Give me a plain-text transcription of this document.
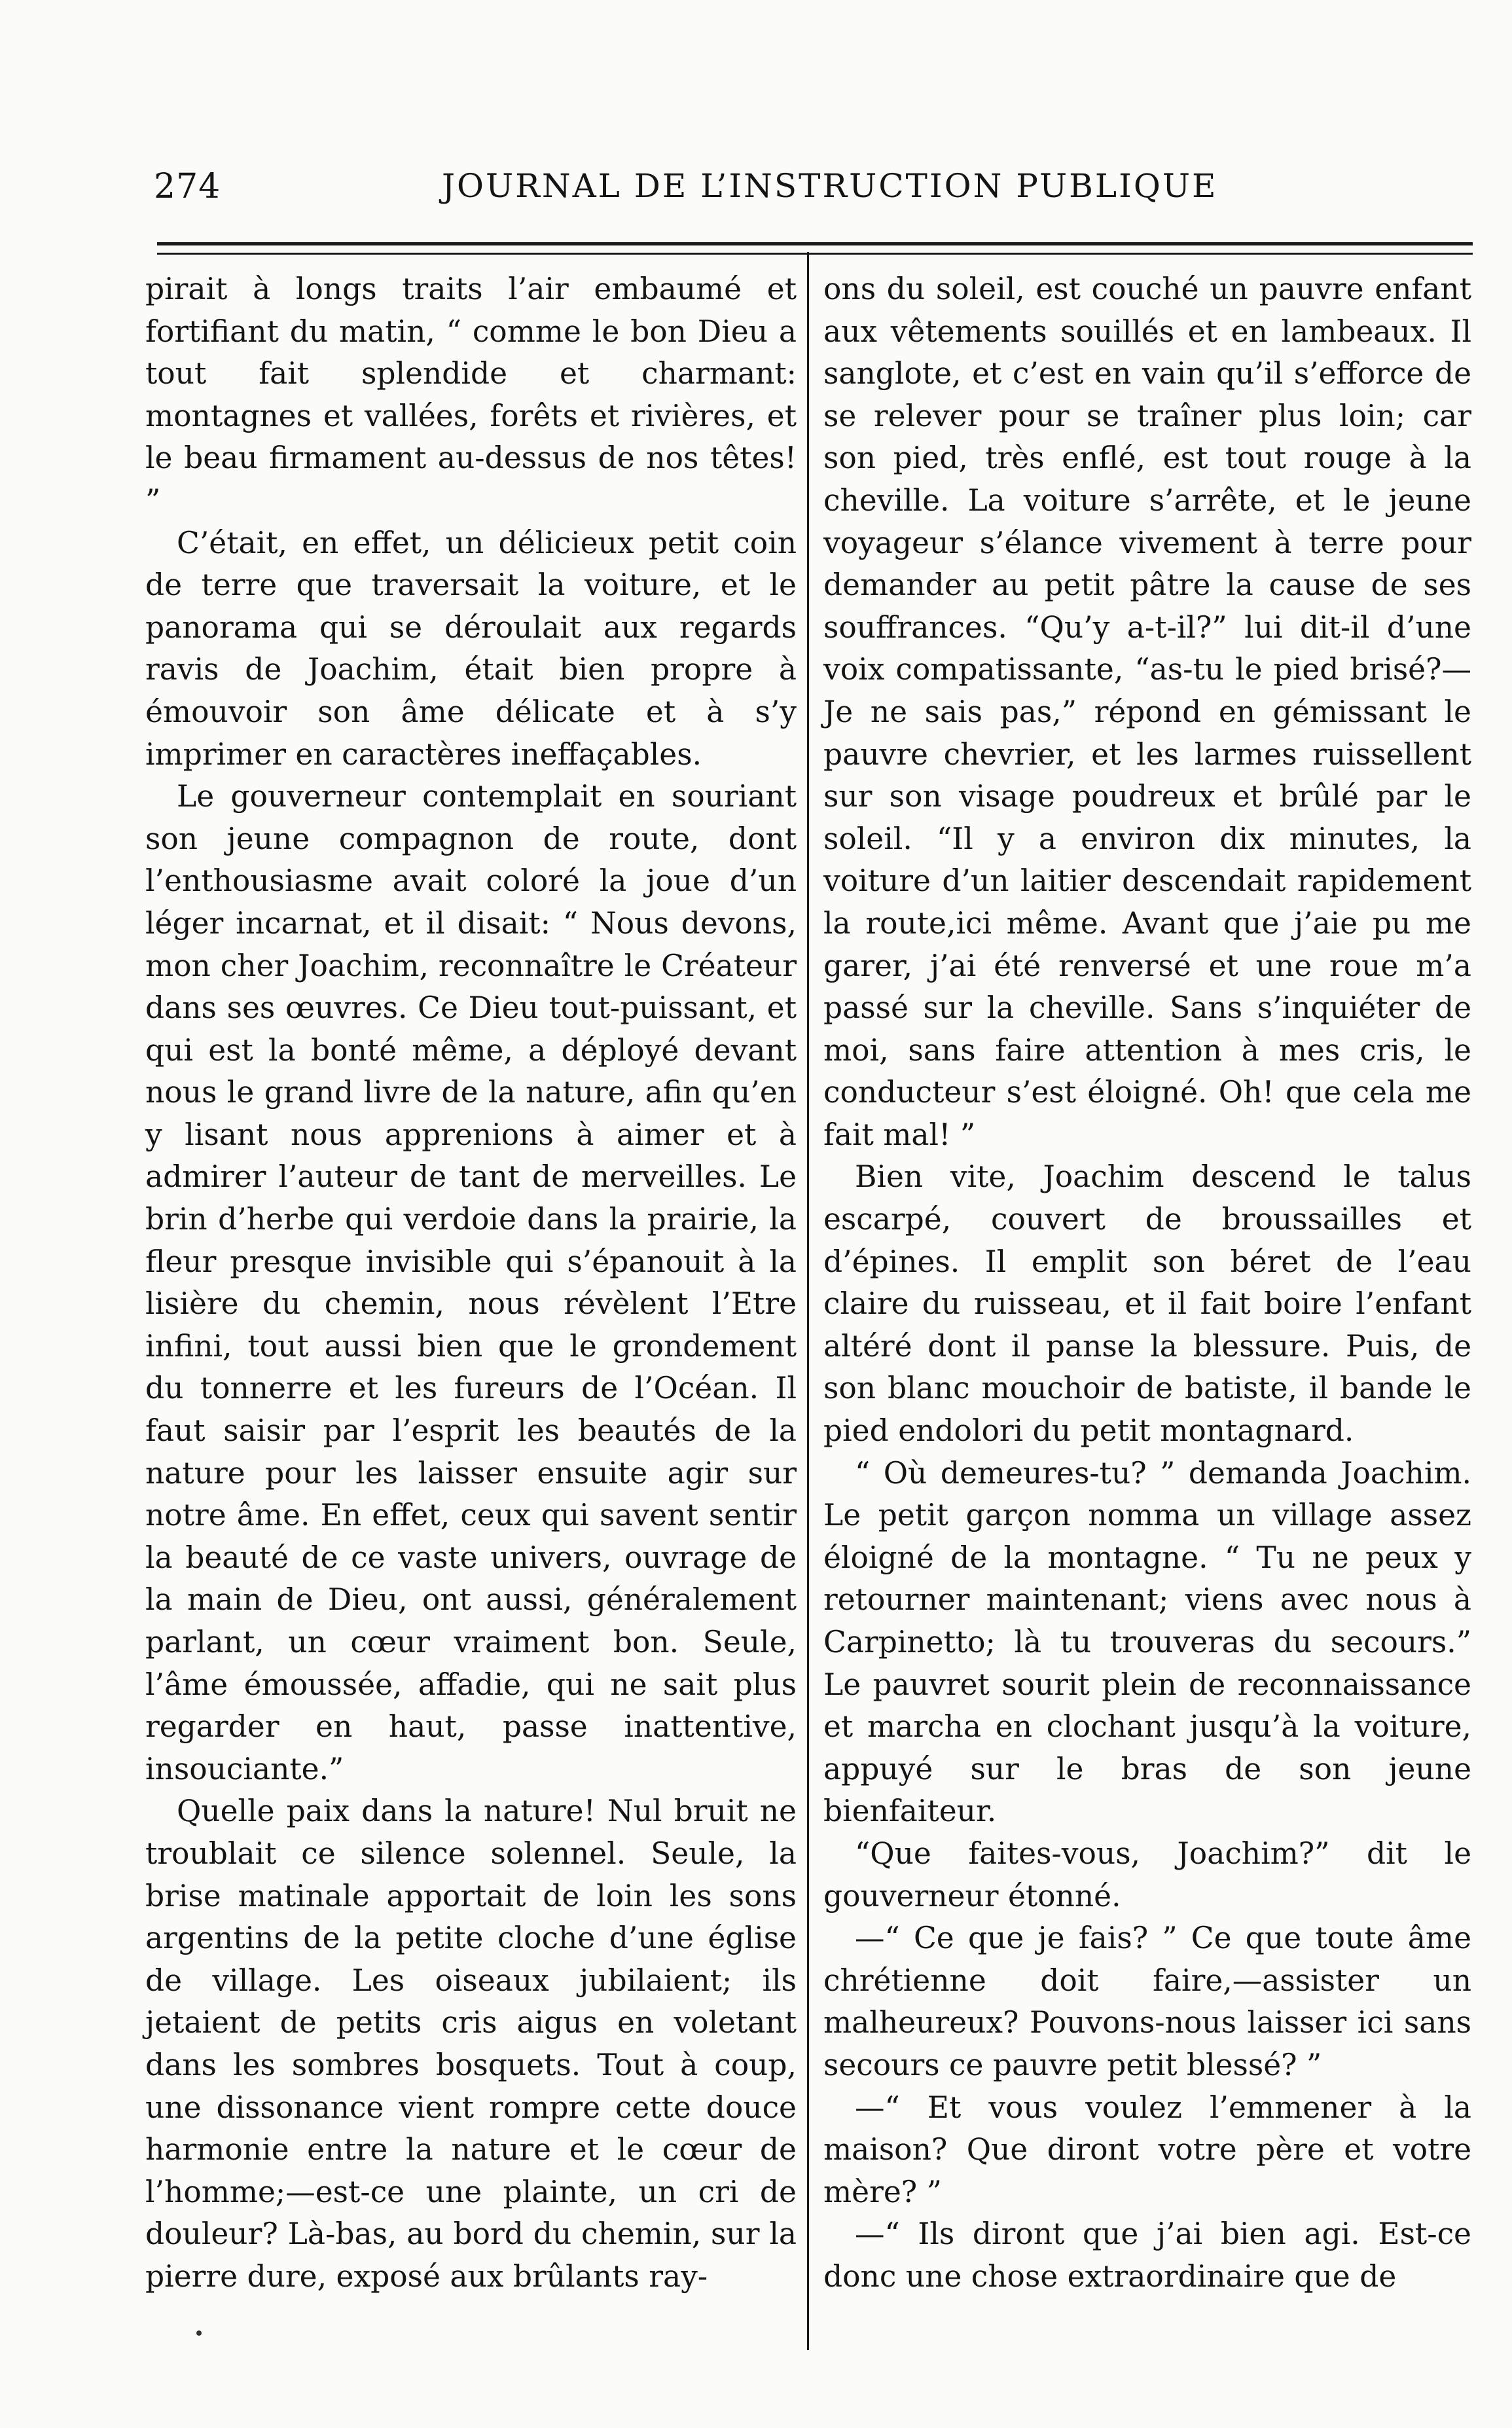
274	JOURNAL DE L’INSTRUCTION PUBLIQUE

pirait à longs traits l’air embaumé et fortifiant du matin, “ comme le bon Dieu a tout fait splendide et charmant: montagnes et vallées, forêts et rivières, et le beau firmament au-dessus de nos têtes! ”

C’était, en effet, un délicieux petit coin de terre que traversait la voiture, et le panorama qui se déroulait aux regards ravis de Joachim, était bien propre à émouvoir son âme délicate et à s’y imprimer en caractères ineffaçables.

Le gouverneur contemplait en souriant son jeune compagnon de route, dont l’enthousiasme avait coloré la joue d’un léger incarnat, et il disait: “ Nous devons, mon cher Joachim, reconnaître le Créateur dans ses œuvres. Ce Dieu tout-puissant, et qui est la bonté même, a déployé devant nous le grand livre de la nature, afin qu’en y lisant nous apprenions à aimer et à admirer l’auteur de tant de merveilles. Le brin d’herbe qui verdoie dans la prairie, la fleur presque invisible qui s’épanouit à la lisière du chemin, nous révèlent l’Etre infini, tout aussi bien que le grondement du tonnerre et les fureurs de l’Océan. Il faut saisir par l’esprit les beautés de la nature pour les laisser ensuite agir sur notre âme. En effet, ceux qui savent sentir la beauté de ce vaste univers, ouvrage de la main de Dieu, ont aussi, généralement parlant, un cœur vraiment bon. Seule, l’âme émoussée, affadie, qui ne sait plus regarder en haut, passe inattentive, insouciante.”

Quelle paix dans la nature! Nul bruit ne troublait ce silence solennel. Seule, la brise matinale apportait de loin les sons argentins de la petite cloche d’une église de village. Les oiseaux jubilaient; ils jetaient de petits cris aigus en voletant dans les sombres bosquets. Tout à coup, une dissonance vient rompre cette douce harmonie entre la nature et le cœur de l’homme;—est-ce une plainte, un cri de douleur? Là-bas, au bord du chemin, sur la pierre dure, exposé aux brûlants ray-

ons du soleil, est couché un pauvre enfant aux vêtements souillés et en lambeaux. Il sanglote, et c’est en vain qu’il s’efforce de se relever pour se traîner plus loin; car son pied, très enflé, est tout rouge à la cheville. La voiture s’arrête, et le jeune voyageur s’élance vivement à terre pour demander au petit pâtre la cause de ses souffrances. “Qu’y a-t-il?” lui dit-il d’une voix compatissante, “as-tu le pied brisé?— Je ne sais pas,” répond en gémissant le pauvre chevrier, et les larmes ruissellent sur son visage poudreux et brûlé par le soleil. “Il y a environ dix minutes, la voiture d’un laitier descendait rapidement la route,ici même. Avant que j’aie pu me garer, j’ai été renversé et une roue m’a passé sur la cheville. Sans s’inquiéter de moi, sans faire attention à mes cris, le conducteur s’est éloigné. Oh! que cela me fait mal! ”

Bien vite, Joachim descend le talus escarpé, couvert de broussailles et d’épines. Il emplit son béret de l’eau claire du ruisseau, et il fait boire l’enfant altéré dont il panse la blessure. Puis, de son blanc mouchoir de batiste, il bande le pied endolori du petit montagnard.

“ Où demeures-tu? ” demanda Joachim. Le petit garçon nomma un village assez éloigné de la montagne. “ Tu ne peux y retourner maintenant; viens avec nous à Carpinetto; là tu trouveras du secours.” Le pauvret sourit plein de reconnaissance et marcha en clochant jusqu’à la voiture, appuyé sur le bras de son jeune bienfaiteur.

“Que faites-vous, Joachim?” dit le gouverneur étonné.

—“ Ce que je fais? ” Ce que toute âme chrétienne doit faire,—assister un malheureux? Pouvons-nous laisser ici sans secours ce pauvre petit blessé? ”

—“ Et vous voulez l’emmener à la maison? Que diront votre père et votre mère? ”

—“ Ils diront que j’ai bien agi. Est-ce donc une chose extraordinaire que de
